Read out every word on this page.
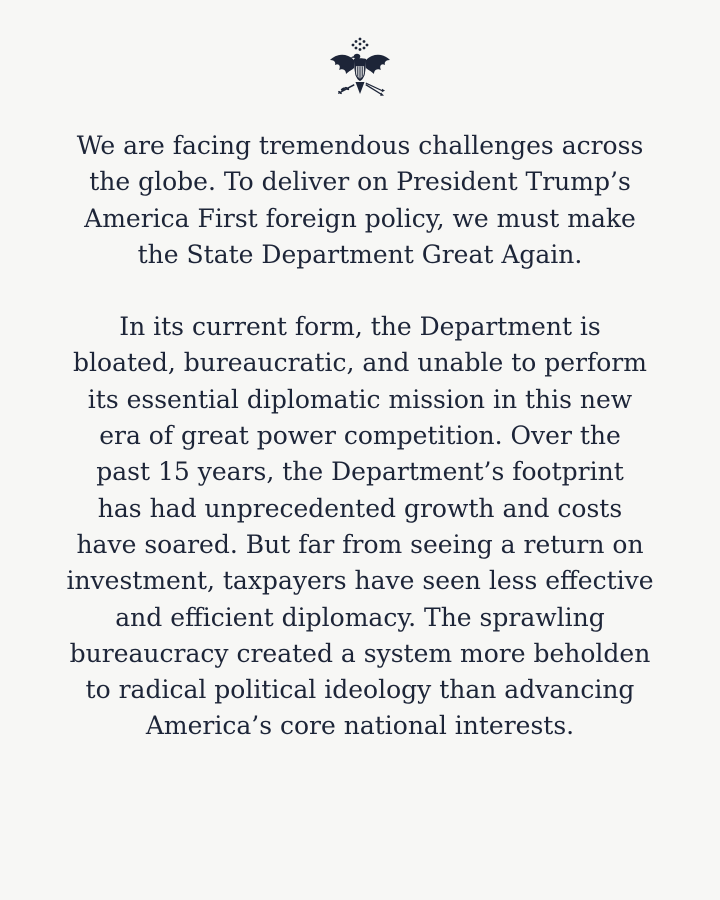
We are facing tremendous challenges across
the globe. To deliver on President Trump’s
America First foreign policy, we must make
the State Department Great Again.

In its current form, the Department is
bloated, bureaucratic, and unable to perform
its essential diplomatic mission in this new
era of great power competition. Over the
past 15 years, the Department’s footprint
has had unprecedented growth and costs
have soared. But far from seeing a return on
investment, taxpayers have seen less effective
and efficient diplomacy. The sprawling
bureaucracy created a system more beholden
to radical political ideology than advancing
America’s core national interests.
